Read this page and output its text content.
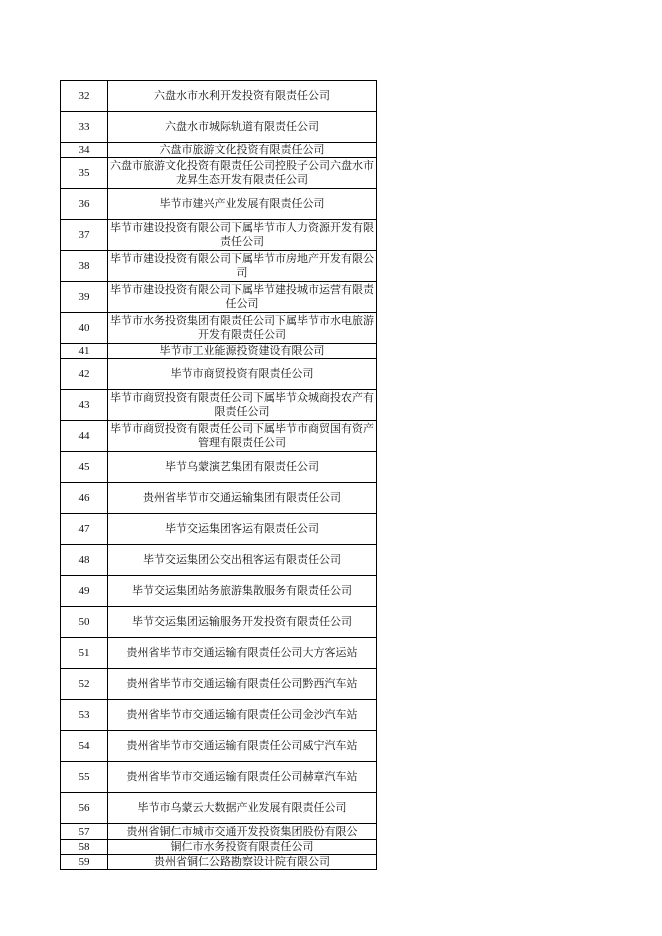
32	六盘水市水利开发投资有限责任公司
33	六盘水市城际轨道有限责任公司
34	六盘市旅游文化投资有限责任公司
35	六盘市旅游文化投资有限责任公司控股子公司六盘水市龙昇生态开发有限责任公司
36	毕节市建兴产业发展有限责任公司
37	毕节市建设投资有限公司下属毕节市人力资源开发有限责任公司
38	毕节市建设投资有限公司下属毕节市房地产开发有限公司
39	毕节市建设投资有限公司下属毕节建投城市运营有限责任公司
40	毕节市水务投资集团有限责任公司下属毕节市水电旅游开发有限责任公司
41	毕节市工业能源投资建设有限公司
42	毕节市商贸投资有限责任公司
43	毕节市商贸投资有限责任公司下属毕节众城商投农产有限责任公司
44	毕节市商贸投资有限责任公司下属毕节市商贸国有资产管理有限责任公司
45	毕节乌蒙演艺集团有限责任公司
46	贵州省毕节市交通运输集团有限责任公司
47	毕节交运集团客运有限责任公司
48	毕节交运集团公交出租客运有限责任公司
49	毕节交运集团站务旅游集散服务有限责任公司
50	毕节交运集团运输服务开发投资有限责任公司
51	贵州省毕节市交通运输有限责任公司大方客运站
52	贵州省毕节市交通运输有限责任公司黔西汽车站
53	贵州省毕节市交通运输有限责任公司金沙汽车站
54	贵州省毕节市交通运输有限责任公司威宁汽车站
55	贵州省毕节市交通运输有限责任公司赫章汽车站
56	毕节市乌蒙云大数据产业发展有限责任公司
57	贵州省铜仁市城市交通开发投资集团股份有限公
58	铜仁市水务投资有限责任公司
59	贵州省铜仁公路勘察设计院有限公司
